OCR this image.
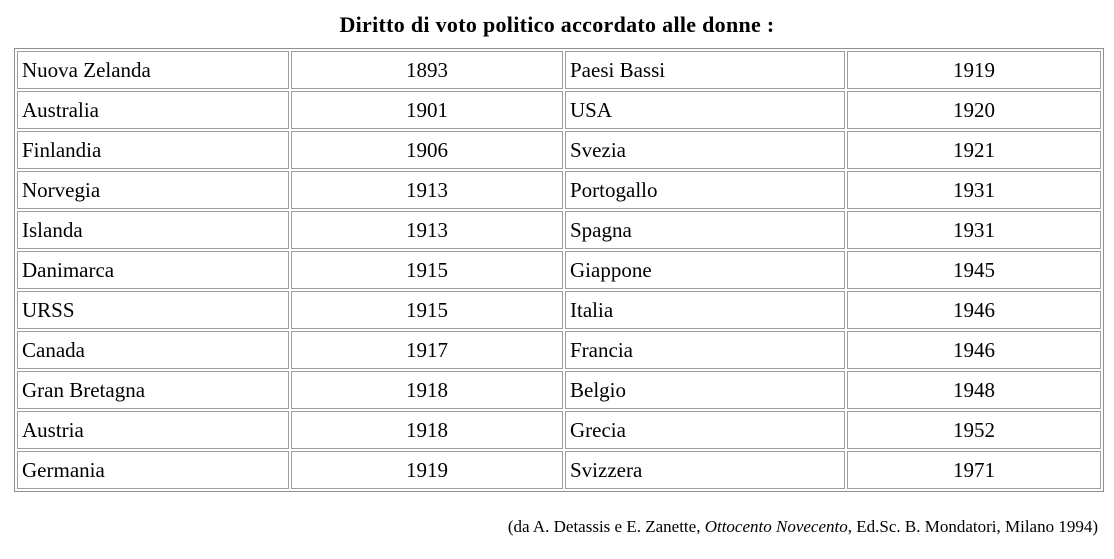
Diritto di voto politico accordato alle donne :
Nuova Zelanda	1893	Paesi Bassi	1919
Australia	1901	USA	1920
Finlandia	1906	Svezia	1921
Norvegia	1913	Portogallo	1931
Islanda	1913	Spagna	1931
Danimarca	1915	Giappone	1945
URSS	1915	Italia	1946
Canada	1917	Francia	1946
Gran Bretagna	1918	Belgio	1948
Austria	1918	Grecia	1952
Germania	1919	Svizzera	1971
(da A. Detassis e E. Zanette, Ottocento Novecento, Ed.Sc. B. Mondatori, Milano 1994)
